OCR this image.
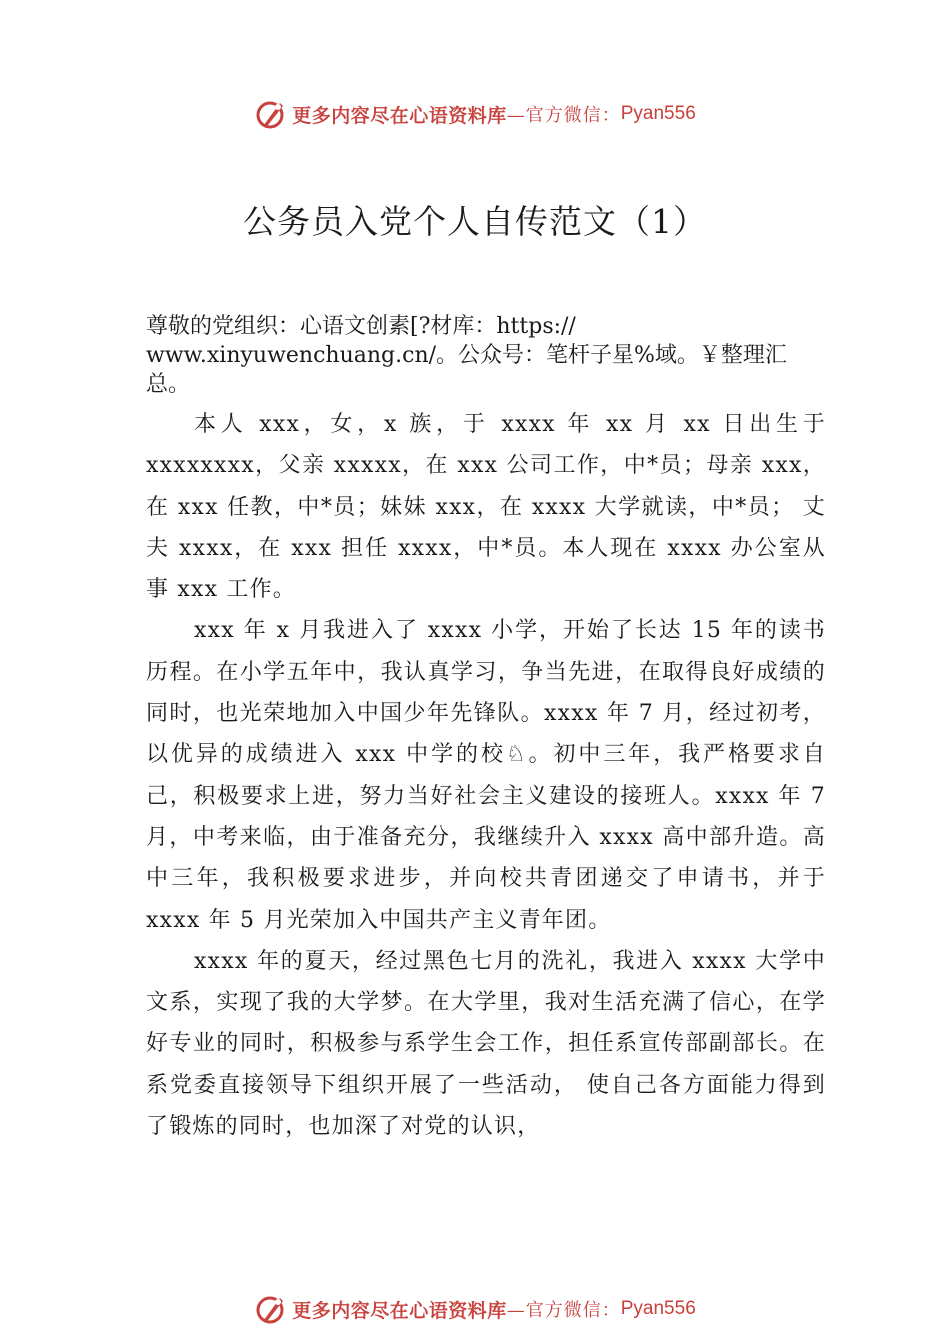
更多内容尽在心语资料库 —官方微信： Pyan556
公务员入党个人自传范文（1）

尊敬的党组织：心语文创素[?材库：https:// www.xinyuwenchuang.cn/。公众号：笔杆子星%域。￥整理汇总。

本人 xxx，女，x 族，于 xxxx 年 xx 月 xx 日出生于 xxxxxxxx，父亲 xxxxx，在 xxx 公司工作，中*员；母亲 xxx，在 xxx 任教，中*员；妹妹 xxx，在 xxxx 大学就读，中*员； 丈夫 xxxx，在 xxx 担任 xxxx，中*员。本人现在 xxxx 办公室从事 xxx 工作。

xxx 年 x 月我进入了 xxxx 小学，开始了长达 15 年的读书历程。在小学五年中，我认真学习，争当先进，在取得良好成绩的同时，也光荣地加入中国少年先锋队。xxxx 年 7 月，经过初考，以优异的成绩进入 xxx 中学的校♘。初中三年，我严格要求自己，积极要求上进，努力当好社会主义建设的接班人。xxxx 年 7 月，中考来临，由于准备充分，我继续升入 xxxx 高中部升造。高中三年，我积极要求进步，并向校共青团递交了申请书，并于 xxxx 年 5 月光荣加入中国共产主义青年团。

xxxx 年的夏天，经过黑色七月的洗礼，我进入 xxxx 大学中文系，实现了我的大学梦。在大学里，我对生活充满了信心，在学好专业的同时，积极参与系学生会工作，担任系宣传部副部长。在系党委直接领导下组织开展了一些活动， 使自己各方面能力得到了锻炼的同时，也加深了对党的认识，

更多内容尽在心语资料库 —官方微信： Pyan556
